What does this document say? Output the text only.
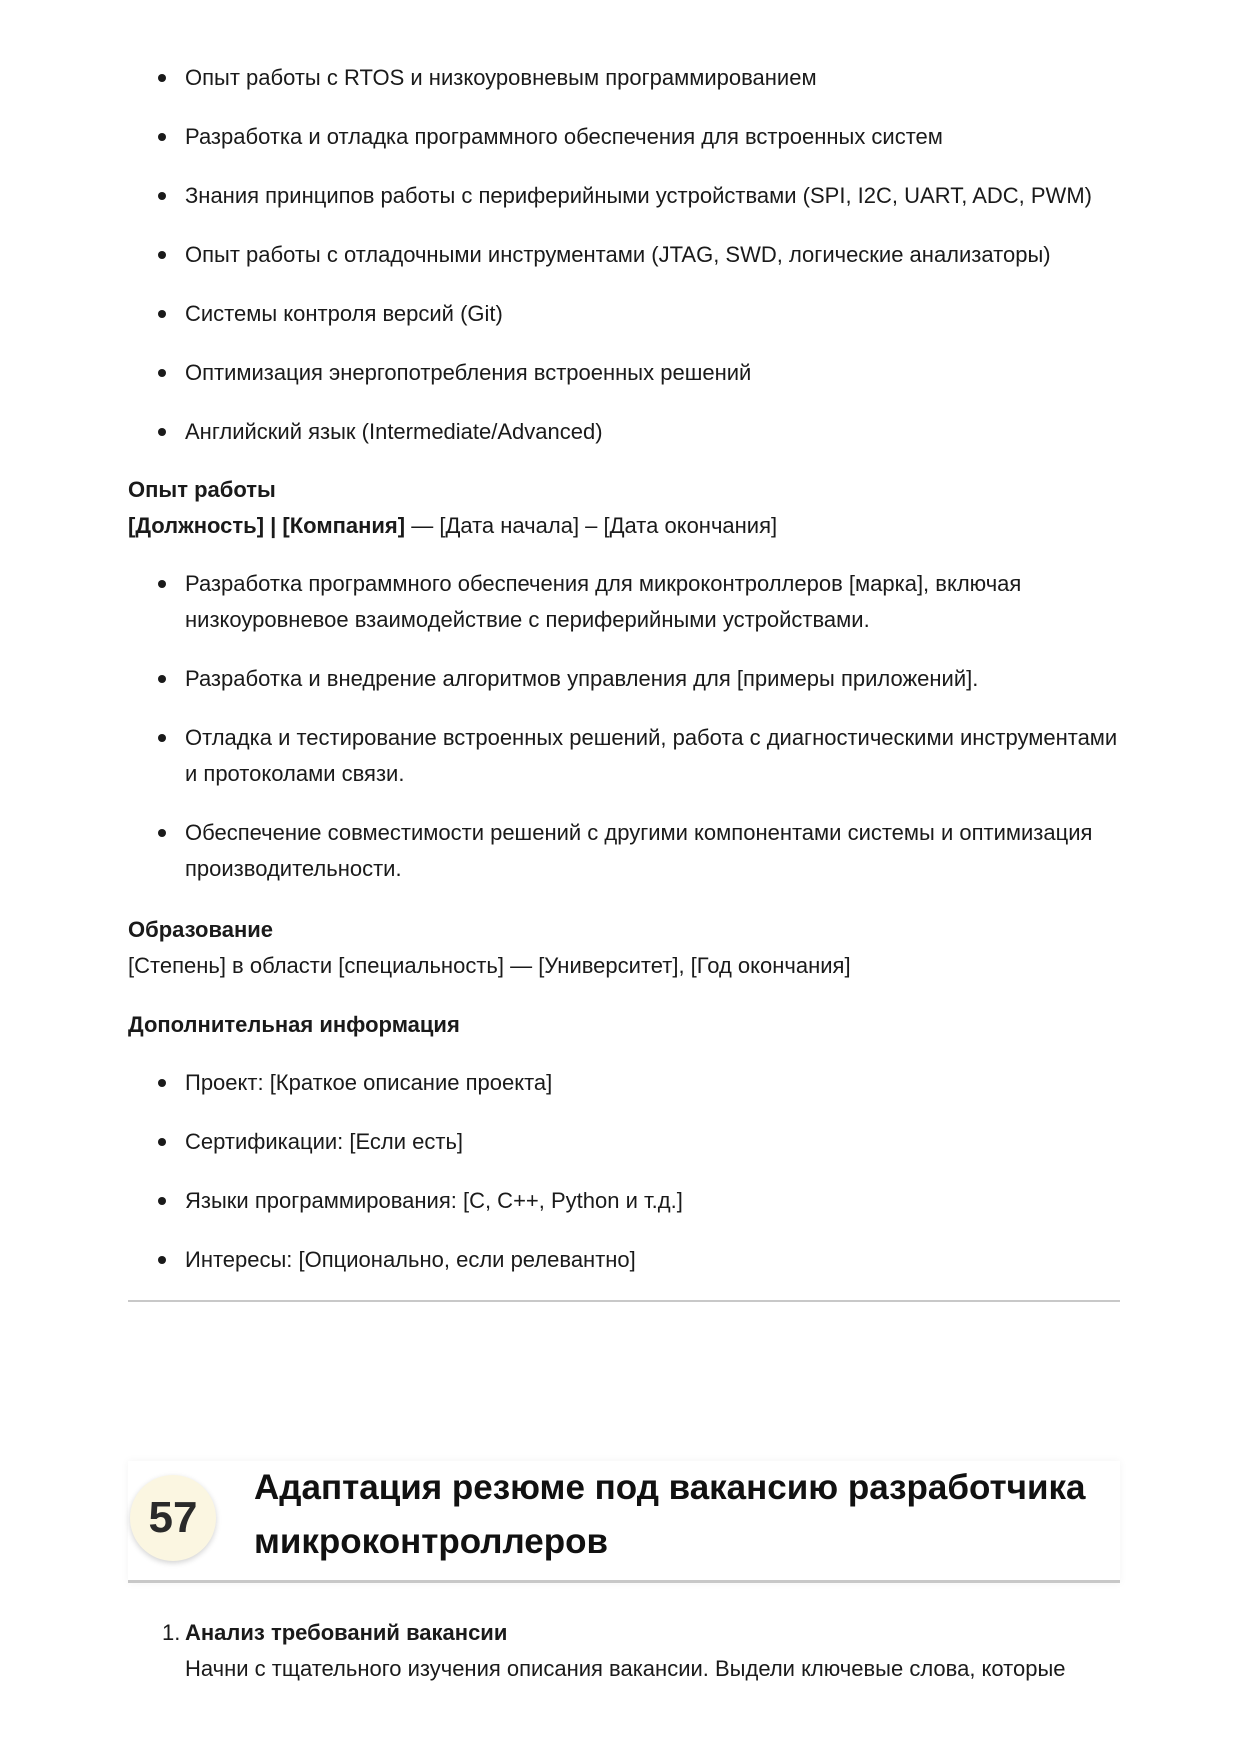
Опыт работы с RTOS и низкоуровневым программированием
Разработка и отладка программного обеспечения для встроенных систем
Знания принципов работы с периферийными устройствами (SPI, I2C, UART, ADC, PWM)
Опыт работы с отладочными инструментами (JTAG, SWD, логические анализаторы)
Системы контроля версий (Git)
Оптимизация энергопотребления встроенных решений
Английский язык (Intermediate/Advanced)
Опыт работы
[Должность] | [Компания] — [Дата начала] – [Дата окончания]
Разработка программного обеспечения для микроконтроллеров [марка], включая низкоуровневое взаимодействие с периферийными устройствами.
Разработка и внедрение алгоритмов управления для [примеры приложений].
Отладка и тестирование встроенных решений, работа с диагностическими инструментами и протоколами связи.
Обеспечение совместимости решений с другими компонентами системы и оптимизация производительности.
Образование
[Степень] в области [специальность] — [Университет], [Год окончания]
Дополнительная информация
Проект: [Краткое описание проекта]
Сертификации: [Если есть]
Языки программирования: [C, C++, Python и т.д.]
Интересы: [Опционально, если релевантно]
57
Адаптация резюме под вакансию разработчика микроконтроллеров
1. Анализ требований вакансии
Начни с тщательного изучения описания вакансии. Выдели ключевые слова, которые
